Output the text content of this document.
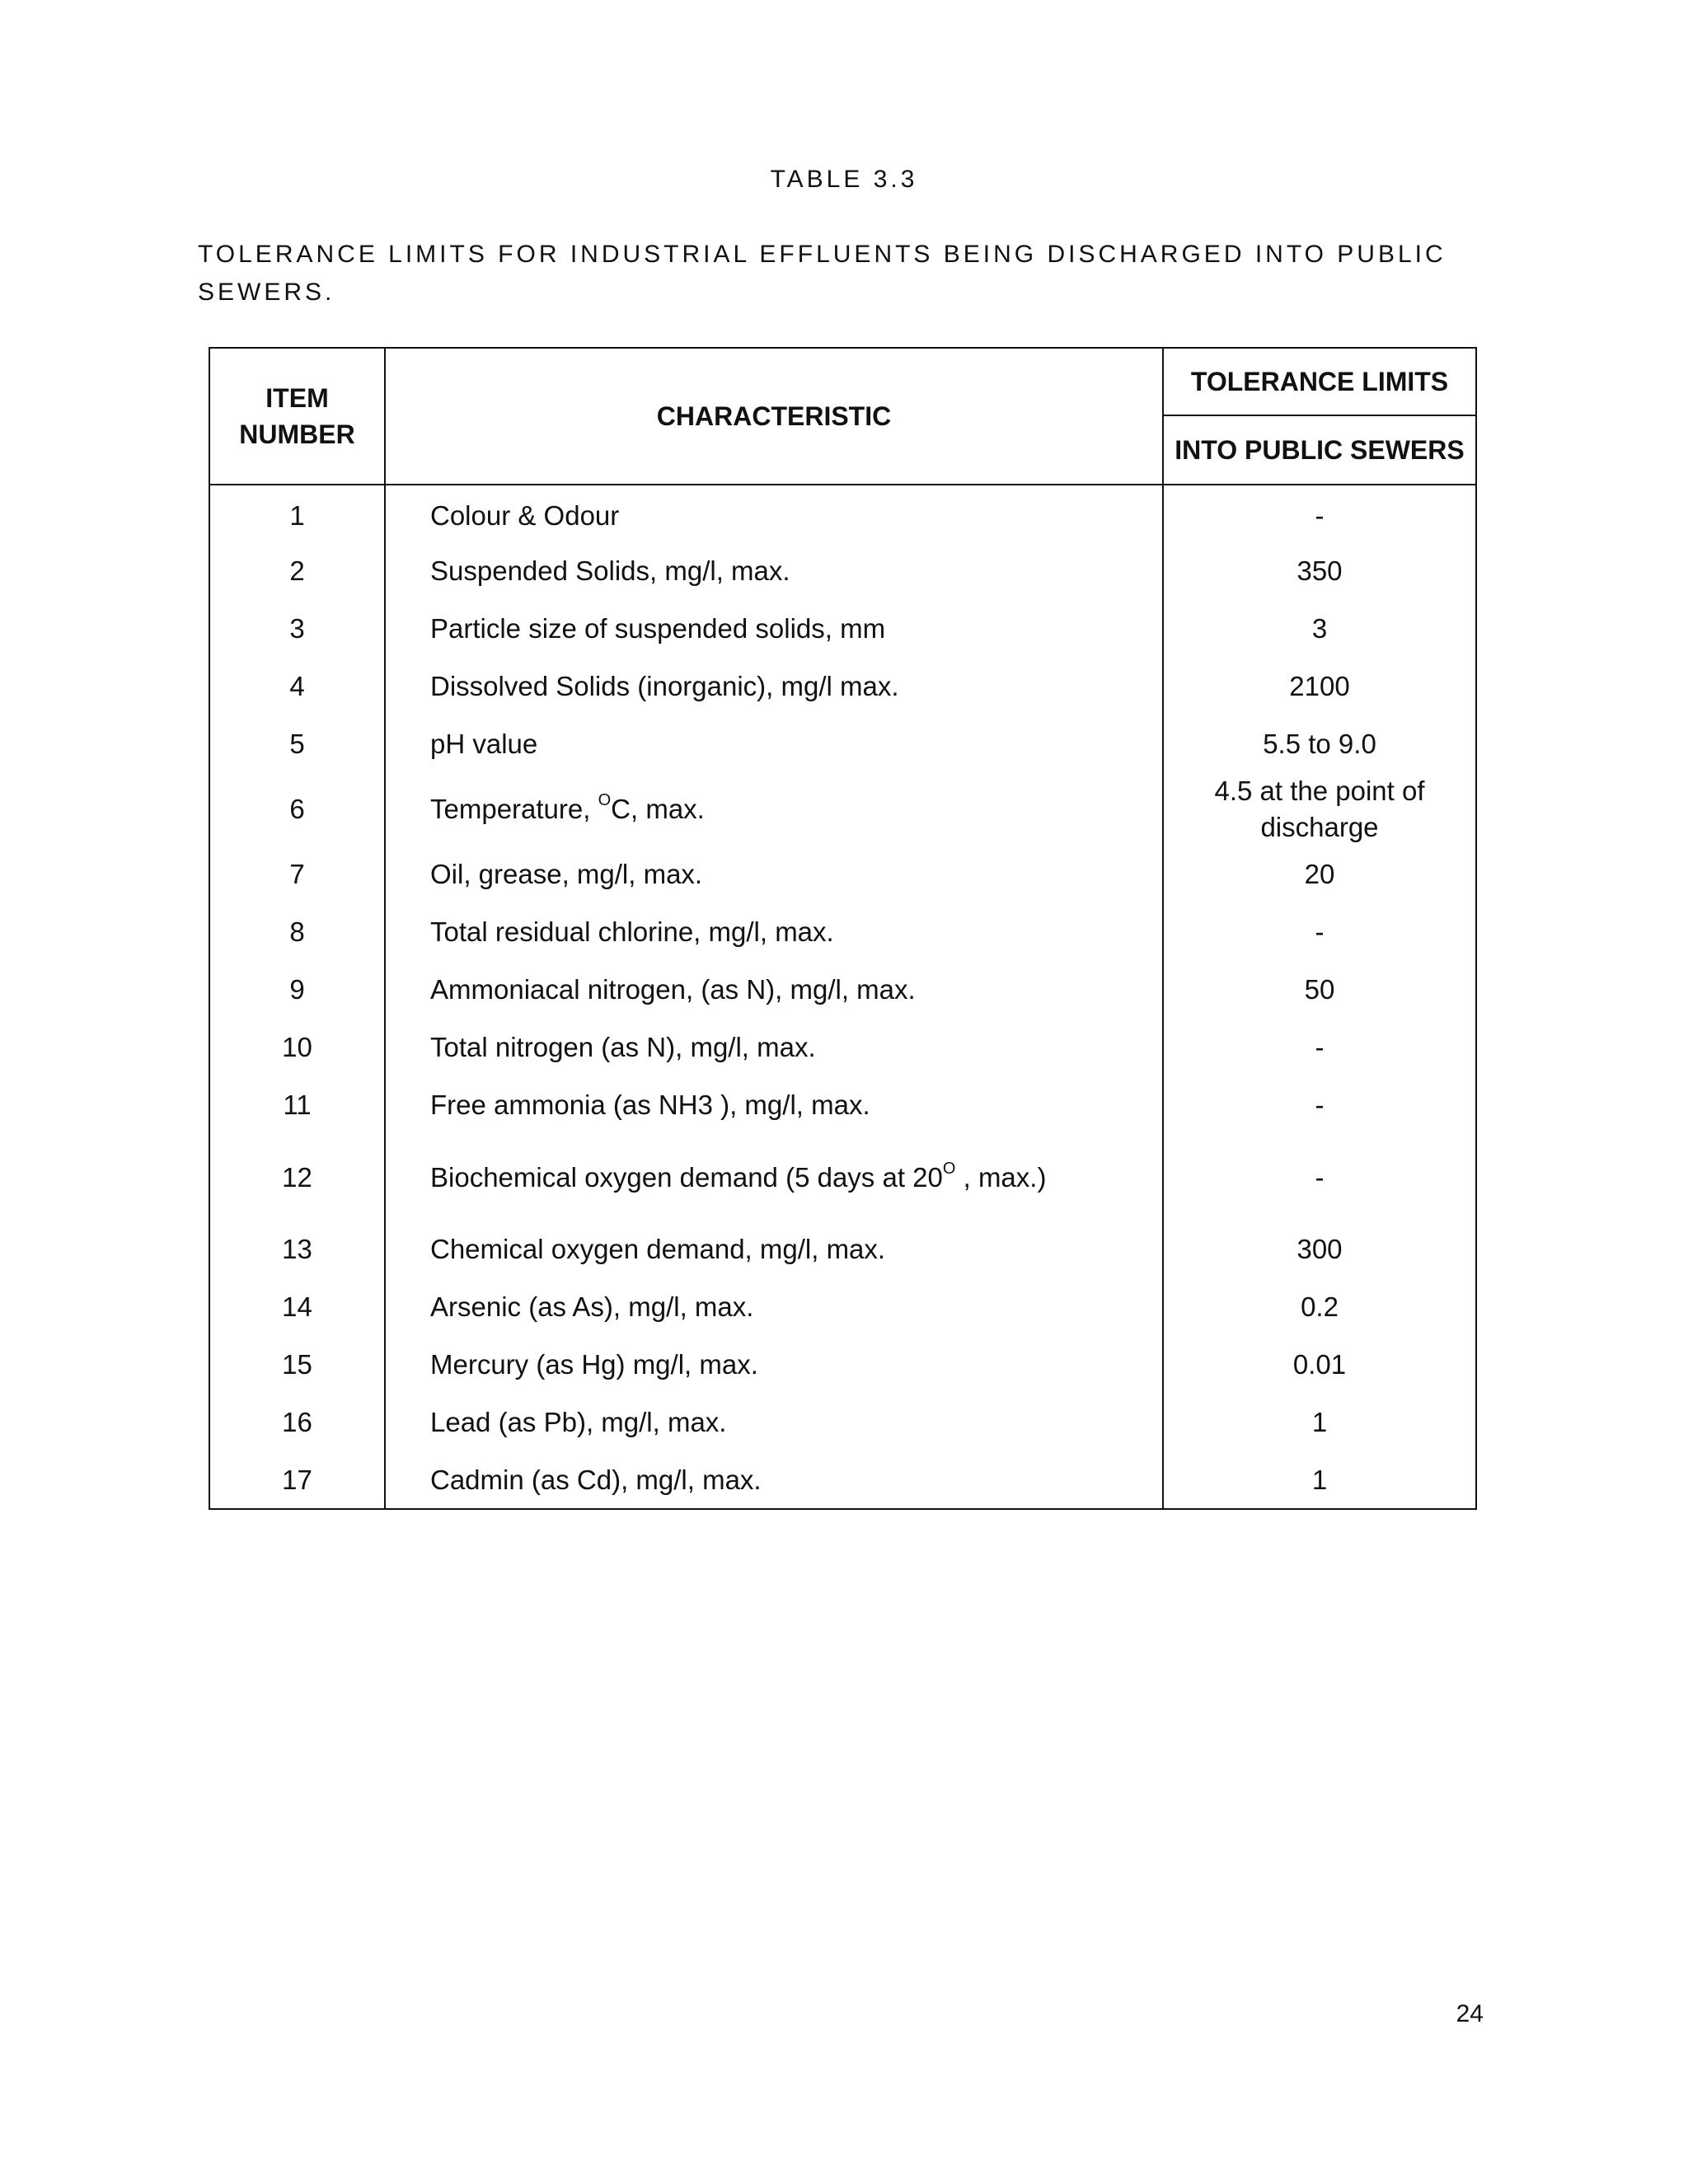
TABLE 3.3
TOLERANCE LIMITS FOR INDUSTRIAL EFFLUENTS BEING DISCHARGED INTO PUBLIC SEWERS.
ITEM
NUMBER	CHARACTERISTIC	TOLERANCE LIMITS
		INTO PUBLIC SEWERS
1	Colour & Odour	-
2	Suspended Solids, mg/l, max.	350
3	Particle size of suspended solids, mm	3
4	Dissolved Solids (inorganic), mg/l max.	2100
5	pH value	5.5 to 9.0
6	Temperature, $^O$C, max.	4.5 at the point of discharge
7	Oil, grease, mg/l, max.	20
8	Total residual chlorine, mg/l, max.	-
9	Ammoniacal nitrogen, (as N), mg/l, max.	50
10	Total nitrogen (as N), mg/l, max.	-
11	Free ammonia (as NH3 ), mg/l, max.	-
12	Biochemical oxygen demand (5 days at $20^O$ , max.)	-
13	Chemical oxygen demand, mg/l, max.	300
14	Arsenic (as As), mg/l, max.	0.2
15	Mercury (as Hg) mg/l, max.	0.01
16	Lead (as Pb), mg/l, max.	1
17	Cadmin (as Cd), mg/l, max.	1
24
